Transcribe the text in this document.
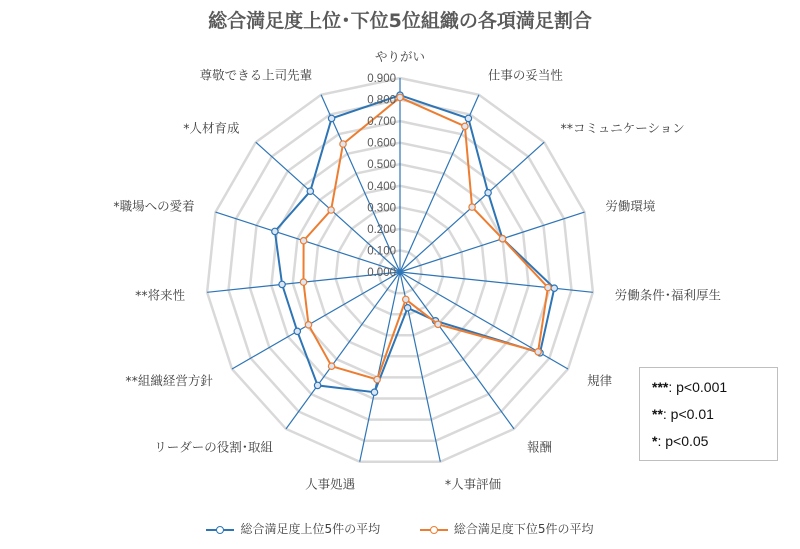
総合満足度上位･下位5位組織の各項満足割合
0.000
0.100
0.200
0.300
0.400
0.500
0.600
0.700
0.800
0.900
やりがい
仕事の妥当性
**コミュニケーション
労働環境
労働条件･福利厚生
規律
報酬
*人事評価
人事処遇
リーダーの役割･取組
**組織経営方針
**将来性
*職場への愛着
*人材育成
尊敬できる上司先輩
***: p<0.001
**: p<0.01
*: p<0.05
総合満足度上位5件の平均	総合満足度下位5件の平均
